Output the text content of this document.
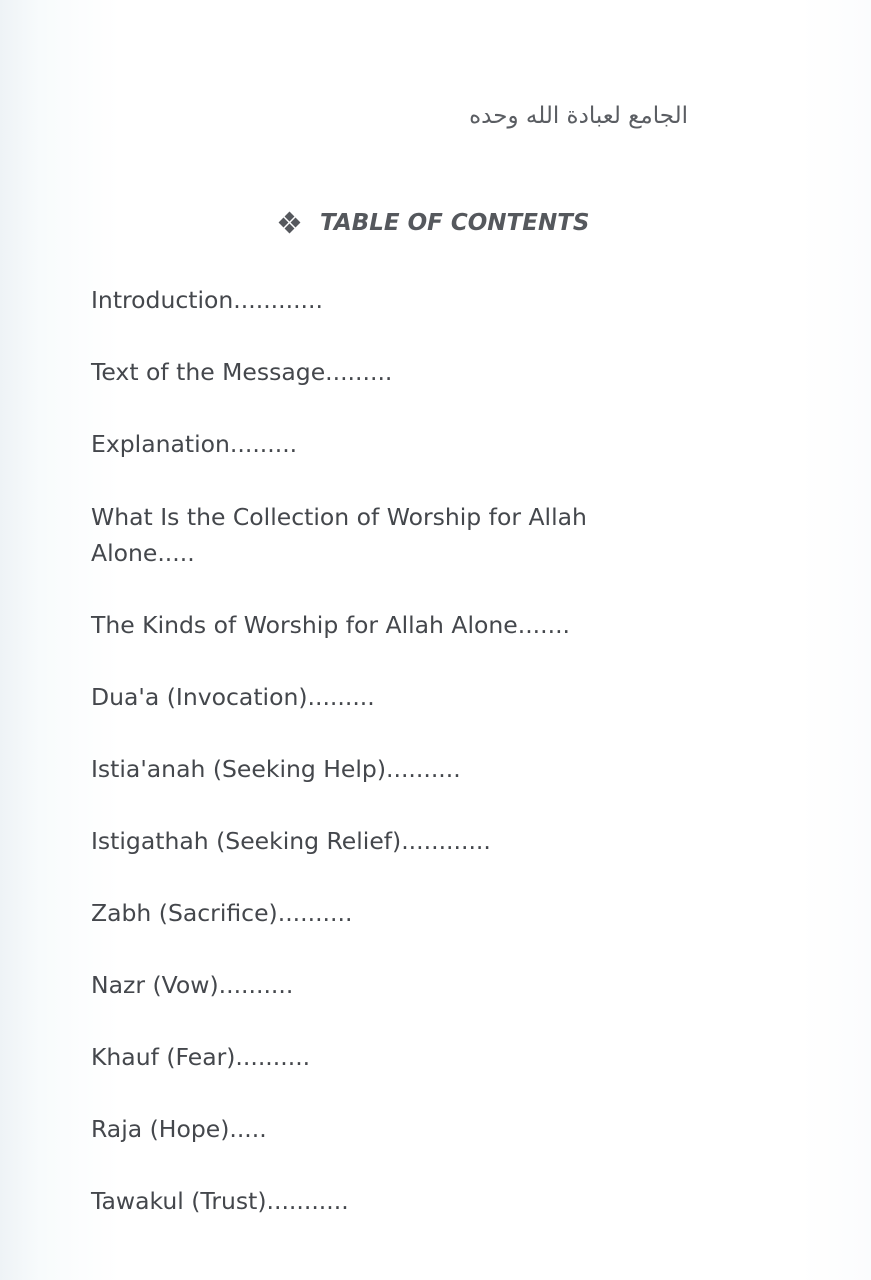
الجامع لعبادة الله وحده
TABLE OF CONTENTS
Introduction............
Text of the Message.........
Explanation.........
What Is the Collection of Worship for Allah Alone.....
The Kinds of Worship for Allah Alone.......
Dua'a (Invocation).........
Istia'anah (Seeking Help)..........
Istigathah (Seeking Relief)............
Zabh (Sacrifice)..........
Nazr (Vow)..........
Khauf (Fear)..........
Raja (Hope).....
Tawakul (Trust)...........
